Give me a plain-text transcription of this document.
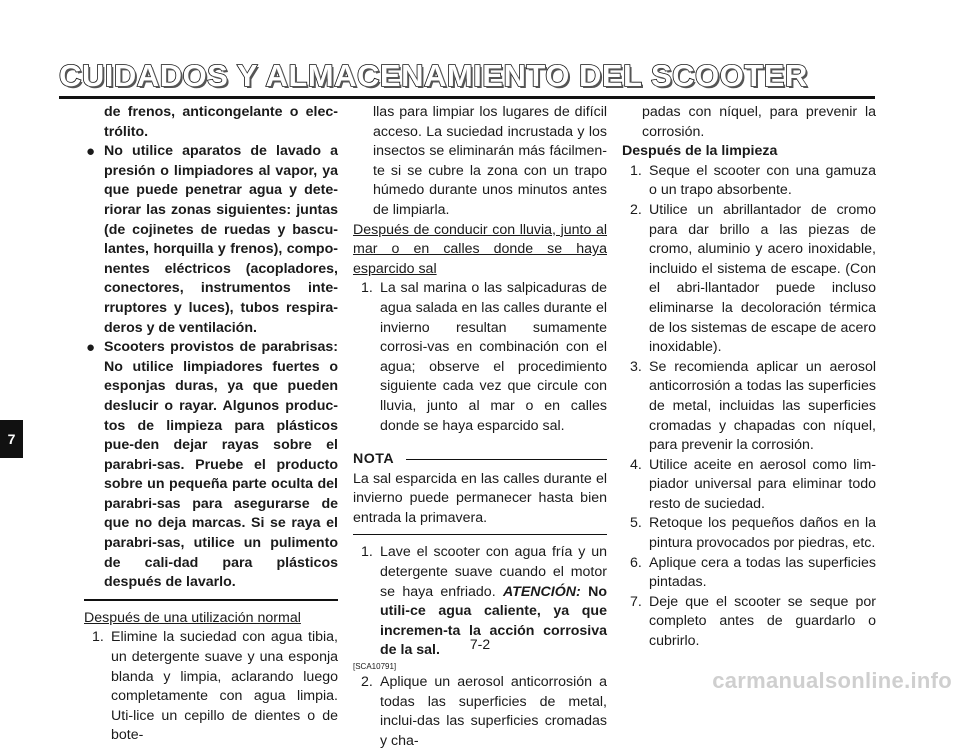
CUIDADOS Y ALMACENAMIENTO DEL SCOOTER
7

de frenos, anticongelante o elec-trólito.

● No utilice aparatos de lavado a presión o limpiadores al vapor, ya que puede penetrar agua y dete-riorar las zonas siguientes: juntas (de cojinetes de ruedas y bascu-lantes, horquilla y frenos), compo-nentes eléctricos (acopladores, conectores, instrumentos inte-rruptores y luces), tubos respira-deros y de ventilación.

● Scooters provistos de parabrisas: No utilice limpiadores fuertes o esponjas duras, ya que pueden deslucir o rayar. Algunos produc-tos de limpieza para plásticos pue-den dejar rayas sobre el parabri-sas. Pruebe el producto sobre un pequeña parte oculta del parabri-sas para asegurarse de que no deja marcas. Si se raya el parabri-sas, utilice un pulimento de cali-dad para plásticos después de lavarlo.

Después de una utilización normal

1. Elimine la suciedad con agua tibia, un detergente suave y una esponja blanda y limpia, aclarando luego completamente con agua limpia. Uti-lice un cepillo de dientes o de bote-

llas para limpiar los lugares de difícil acceso. La suciedad incrustada y los insectos se eliminarán más fácilmen-te si se cubre la zona con un trapo húmedo durante unos minutos antes de limpiarla.

Después de conducir con lluvia, junto al mar o en calles donde se haya esparcido sal

1. La sal marina o las salpicaduras de agua salada en las calles durante el invierno resultan sumamente corrosi-vas en combinación con el agua; observe el procedimiento siguiente cada vez que circule con lluvia, junto al mar o en calles donde se haya esparcido sal.

NOTA

La sal esparcida en las calles durante el invierno puede permanecer hasta bien entrada la primavera.

1. Lave el scooter con agua fría y un detergente suave cuando el motor se haya enfriado. ATENCIÓN: No utili-ce agua caliente, ya que incremen-ta la acción corrosiva de la sal.

[SCA10791]

2. Aplique un aerosol anticorrosión a todas las superficies de metal, inclui-das las superficies cromadas y cha-

padas con níquel, para prevenir la corrosión.

Después de la limpieza

1. Seque el scooter con una gamuza o un trapo absorbente.

2. Utilice un abrillantador de cromo para dar brillo a las piezas de cromo, aluminio y acero inoxidable, incluido el sistema de escape. (Con el abri-llantador puede incluso eliminarse la decoloración térmica de los sistemas de escape de acero inoxidable).

3. Se recomienda aplicar un aerosol anticorrosión a todas las superficies de metal, incluidas las superficies cromadas y chapadas con níquel, para prevenir la corrosión.

4. Utilice aceite en aerosol como lim-piador universal para eliminar todo resto de suciedad.

5. Retoque los pequeños daños en la pintura provocados por piedras, etc.

6. Aplique cera a todas las superficies pintadas.

7. Deje que el scooter se seque por completo antes de guardarlo o cubrirlo.

7-2
carmanualsonline.info
